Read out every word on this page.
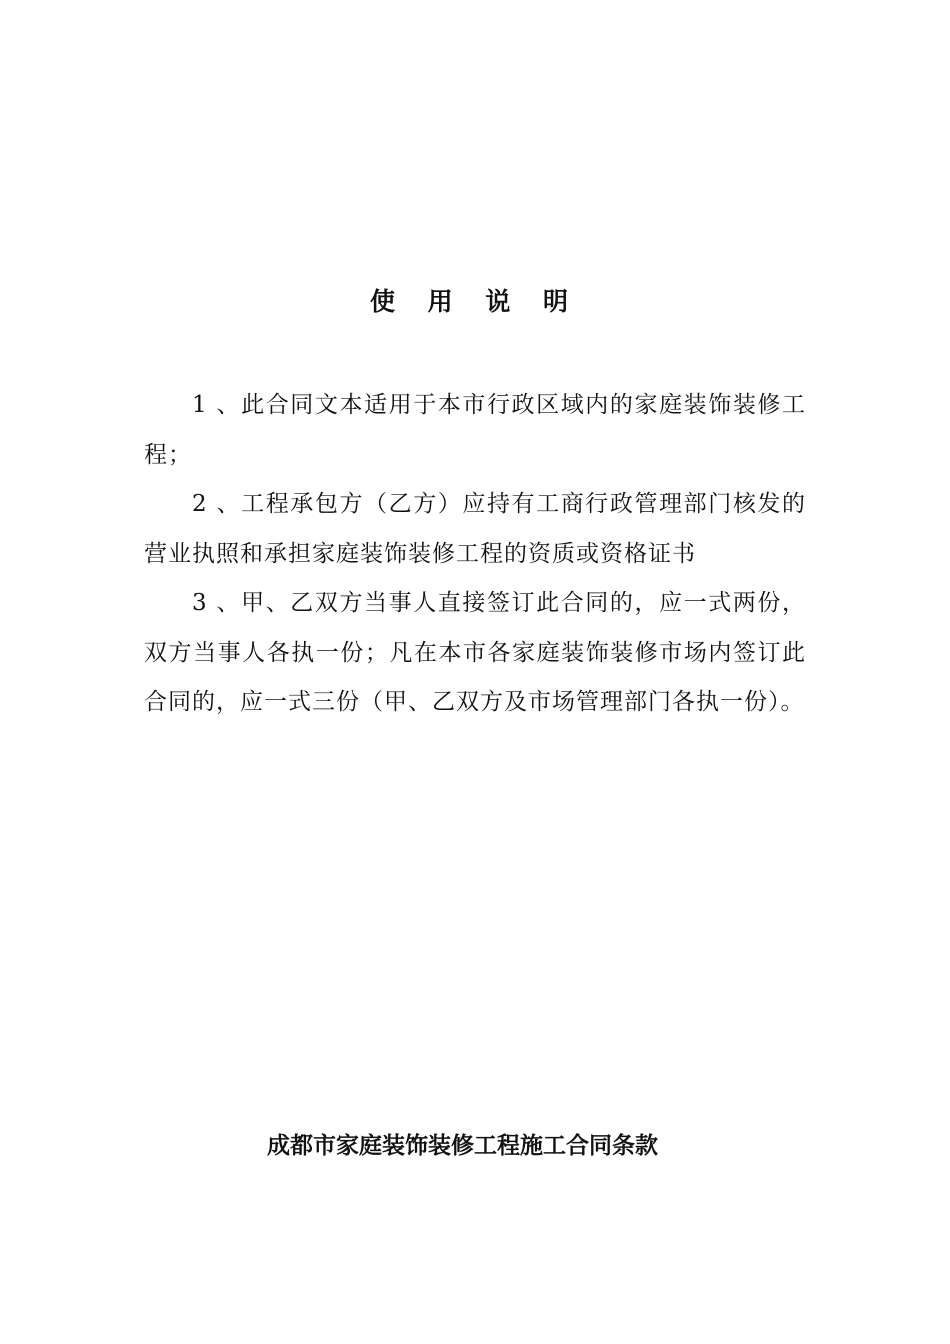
使 用 说 明

1 、此合同文本适用于本市行政区域内的家庭装饰装修工程；

2 、工程承包方（乙方）应持有工商行政管理部门核发的营业执照和承担家庭装饰装修工程的资质或资格证书

3 、甲、乙双方当事人直接签订此合同的，应一式两份，双方当事人各执一份；凡在本市各家庭装饰装修市场内签订此合同的，应一式三份（甲、乙双方及市场管理部门各执一份）。

成都市家庭装饰装修工程施工合同条款
